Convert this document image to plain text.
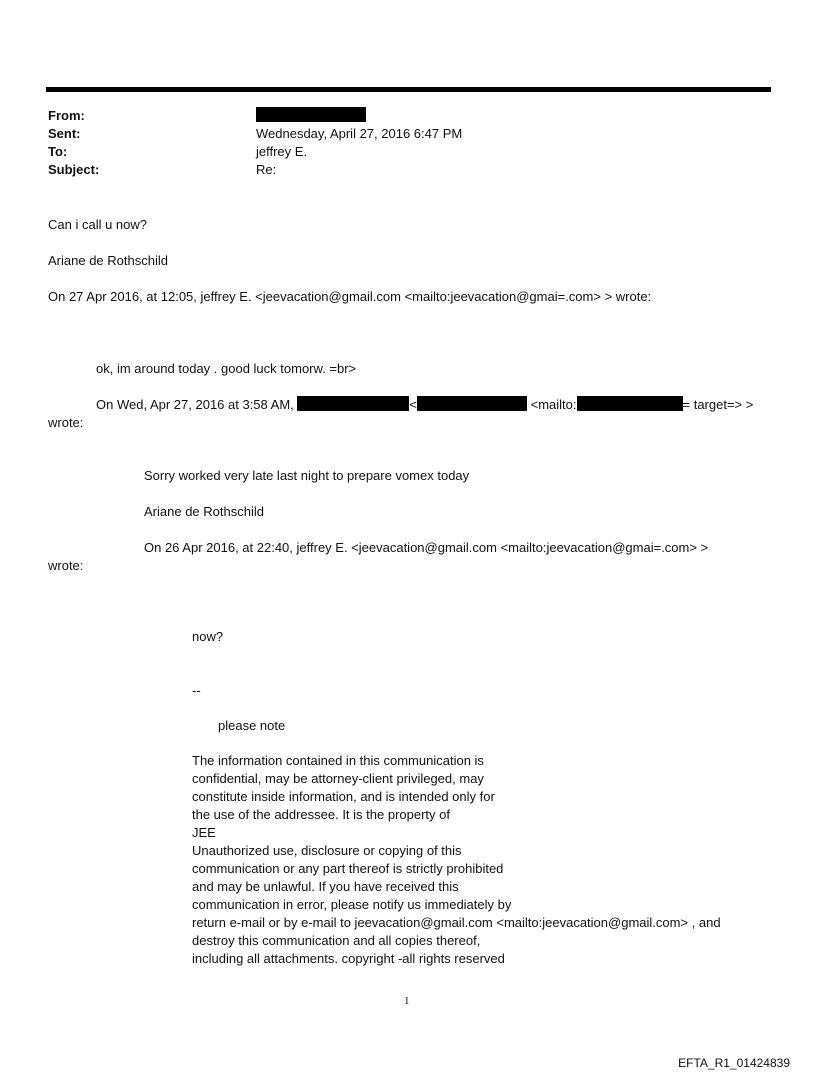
From:
Sent:	Wednesday, April 27, 2016 6:47 PM
To:	jeffrey E.
Subject:	Re:
Can i call u now?
Ariane de Rothschild
On 27 Apr 2016, at 12:05, jeffrey E. <jeevacation@gmail.com <mailto:jeevacation@gmai=.com> > wrote:
ok, im around today . good luck tomorw. =br>
On Wed, Apr 27, 2016 at 3:58 AM,	<	<mailto:	= target=> >
wrote:
Sorry worked very late last night to prepare vomex today
Ariane de Rothschild
On 26 Apr 2016, at 22:40, jeffrey E. <jeevacation@gmail.com <mailto:jeevacation@gmai=.com> >
wrote:
now?
--
please note
The information contained in this communication is
confidential, may be attorney-client privileged, may
constitute inside information, and is intended only for
the use of the addressee. It is the property of
JEE
Unauthorized use, disclosure or copying of this
communication or any part thereof is strictly prohibited
and may be unlawful. If you have received this
communication in error, please notify us immediately by
return e-mail or by e-mail to jeevacation@gmail.com <mailto:jeevacation@gmail.com> , and
destroy this communication and all copies thereof,
including all attachments. copyright -all rights reserved
1
EFTA_R1_01424839
